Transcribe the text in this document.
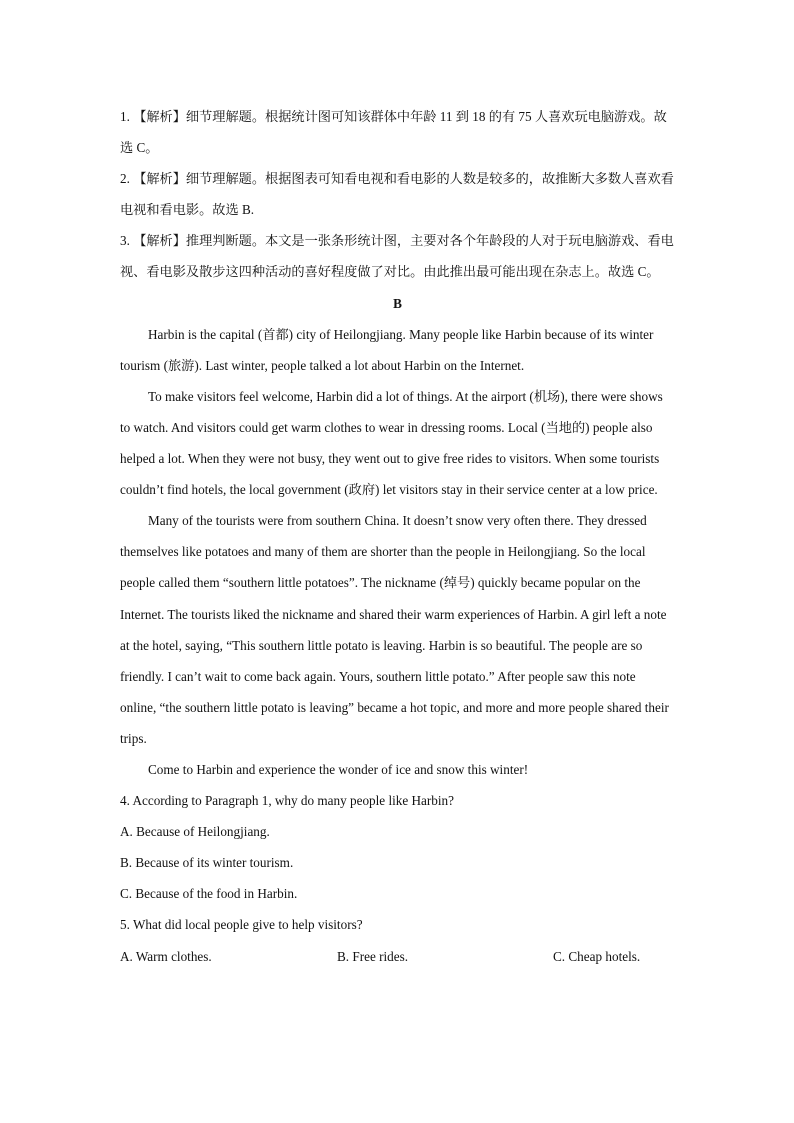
1. 【解析】细节理解题。根据统计图可知该群体中年龄 11 到 18 的有 75 人喜欢玩电脑游戏。故选 C。

2. 【解析】细节理解题。根据图表可知看电视和看电影的人数是较多的，故推断大多数人喜欢看电视和看电影。故选 B.

3. 【解析】推理判断题。本文是一张条形统计图，主要对各个年龄段的人对于玩电脑游戏、看电视、看电影及散步这四种活动的喜好程度做了对比。由此推出最可能出现在杂志上。故选 C。

B

Harbin is the capital (首都) city of Heilongjiang. Many people like Harbin because of its winter tourism (旅游). Last winter, people talked a lot about Harbin on the Internet.

To make visitors feel welcome, Harbin did a lot of things. At the airport (机场), there were shows to watch. And visitors could get warm clothes to wear in dressing rooms. Local (当地的) people also helped a lot. When they were not busy, they went out to give free rides to visitors. When some tourists couldn’t find hotels, the local government (政府) let visitors stay in their service center at a low price.

Many of the tourists were from southern China. It doesn’t snow very often there. They dressed themselves like potatoes and many of them are shorter than the people in Heilongjiang. So the local people called them “southern little potatoes”. The nickname (绰号) quickly became popular on the Internet. The tourists liked the nickname and shared their warm experiences of Harbin. A girl left a note at the hotel, saying, “This southern little potato is leaving. Harbin is so beautiful. The people are so friendly. I can’t wait to come back again. Yours, southern little potato.” After people saw this note online, “the southern little potato is leaving” became a hot topic, and more and more people shared their trips.

Come to Harbin and experience the wonder of ice and snow this winter!

4. According to Paragraph 1, why do many people like Harbin?

A. Because of Heilongjiang.

B. Because of its winter tourism.

C. Because of the food in Harbin.

5. What did local people give to help visitors?

A. Warm clothes.	B. Free rides.	C. Cheap hotels.
